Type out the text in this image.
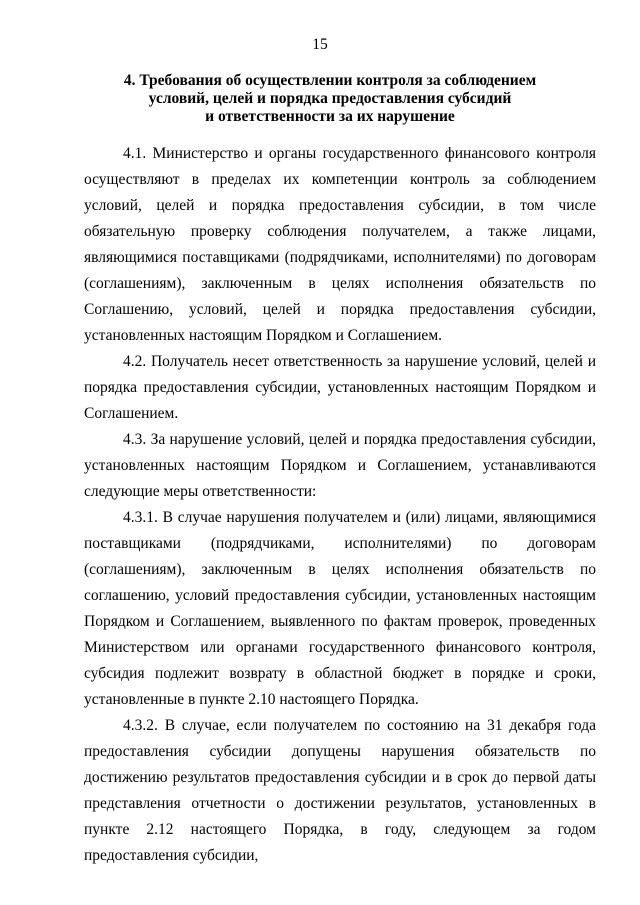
15
4. Требования об осуществлении контроля за соблюдением
условий, целей и порядка предоставления субсидий
и ответственности за их нарушение

4.1. Министерство и органы государственного финансового контроля осуществляют в пределах их компетенции контроль за соблюдением условий, целей и порядка предоставления субсидии, в том числе обязательную проверку соблюдения получателем, а также лицами, являющимися поставщиками (подрядчиками, исполнителями) по договорам (соглашениям), заключенным в целях исполнения обязательств по Соглашению, условий, целей и порядка предоставления субсидии, установленных настоящим Порядком и Соглашением.

4.2. Получатель несет ответственность за нарушение условий, целей и порядка предоставления субсидии, установленных настоящим Порядком и Соглашением.

4.3. За нарушение условий, целей и порядка предоставления субсидии, установленных настоящим Порядком и Соглашением, устанавливаются следующие меры ответственности:

4.3.1. В случае нарушения получателем и (или) лицами, являющимися поставщиками (подрядчиками, исполнителями) по договорам (соглашениям), заключенным в целях исполнения обязательств по соглашению, условий предоставления субсидии, установленных настоящим Порядком и Соглашением, выявленного по фактам проверок, проведенных Министерством или органами государственного финансового контроля, субсидия подлежит возврату в областной бюджет в порядке и сроки, установленные в пункте 2.10 настоящего Порядка.

4.3.2. В случае, если получателем по состоянию на 31 декабря года предоставления субсидии допущены нарушения обязательств по достижению результатов предоставления субсидии и в срок до первой даты представления отчетности о достижении результатов, установленных в пункте 2.12 настоящего Порядка, в году, следующем за годом предоставления субсидии,
